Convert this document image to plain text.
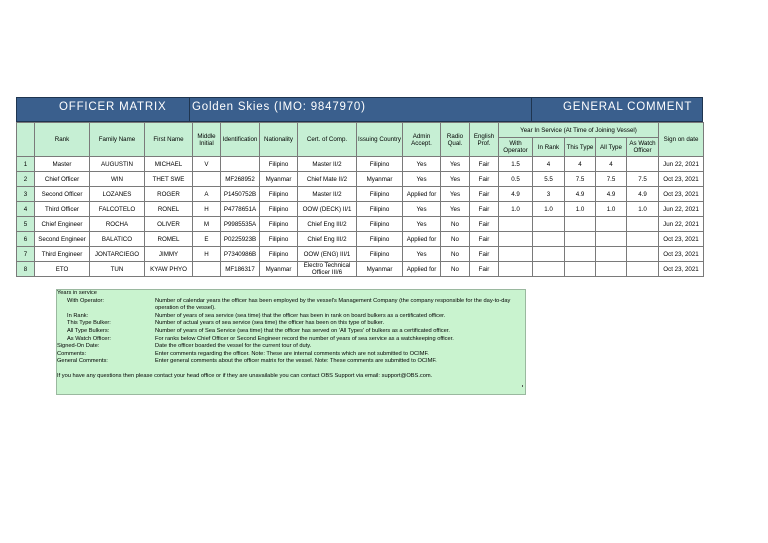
OFFICER MATRIX Golden Skies (IMO: 9847970)	GENERAL COMMENT
	Rank	Family Name	First Name	Middle Initial	Identification	Nationality	Cert. of Comp.	Issuing Country	Admin Accept.	Radio Qual.	English Prof.	Year In Service (At Time of Joining Vessel)					Sign on date
												With Operator	In Rank	This Type	All Type	As Watch Officer	
1	Master	AUGUSTIN	MICHAEL	V		Filipino	Master II/2	Filipino	Yes	Yes	Fair	1.5	4	4	4		Jun 22, 2021
2	Chief Officer	WIN	THET SWE		MF268952	Myanmar	Chief Mate II/2	Myanmar	Yes	Yes	Fair	0.5	5.5	7.5	7.5	7.5	Oct 23, 2021
3	Second Officer	LOZANES	ROGER	A	P1450752B	Filipino	Master II/2	Filipino	Applied for	Yes	Fair	4.9	3	4.9	4.9	4.9	Oct 23, 2021
4	Third Officer	FALCOTELO	RONEL	H	P4778651A	Filipino	OOW (DECK) II/1	Filipino	Yes	Yes	Fair	1.0	1.0	1.0	1.0	1.0	Jun 22, 2021
5	Chief Engineer	ROCHA	OLIVER	M	P9985535A	Filipino	Chief Eng III/2	Filipino	Yes	No	Fair						Jun 22, 2021
6	Second Engineer	BALATICO	ROMEL	E	P0225923B	Filipino	Chief Eng III/2	Filipino	Applied for	No	Fair						Oct 23, 2021
7	Third Engineer	JONTARCIEGO	JIMMY	H	P7340986B	Filipino	OOW (ENG) III/1	Filipino	Yes	No	Fair						Oct 23, 2021
8	ETO	TUN	KYAW PHYO		MF186317	Myanmar	Electro Technical Officer III/6	Myanmar	Applied for	No	Fair						Oct 23, 2021
Years in service
With Operator:	Number of calendar years the officer has been employed by the vessel's Management Company (the company responsible for the day-to-day operation of the vessel).
In Rank:	Number of years of sea service (sea time) that the officer has been in rank on board bulkers as a certificated officer.
This Type Bulker:	Number of actual years of sea service (sea time) the officer has been on this type of bulker.
All Type Bulkers:	Number of years of Sea Service (sea time) that the officer has served on 'All Types' of bulkers as a certificated officer.
As Watch Officer:	For ranks below Chief Officer or Second Engineer record the number of years of sea service as a watchkeeping officer.
Signed-On Date:	Date the officer boarded the vessel for the current tour of duty.
Comments:	Enter comments regarding the officer. Note: These are internal comments which are not submitted to OCIMF.
General Comments:	Enter general comments about the officer matrix for the vessel. Note: These comments are submitted to OCIMF.
If you have any questions then please contact your head office or if they are unavailable you can contact OBS Support via email: support@OBS.com.
